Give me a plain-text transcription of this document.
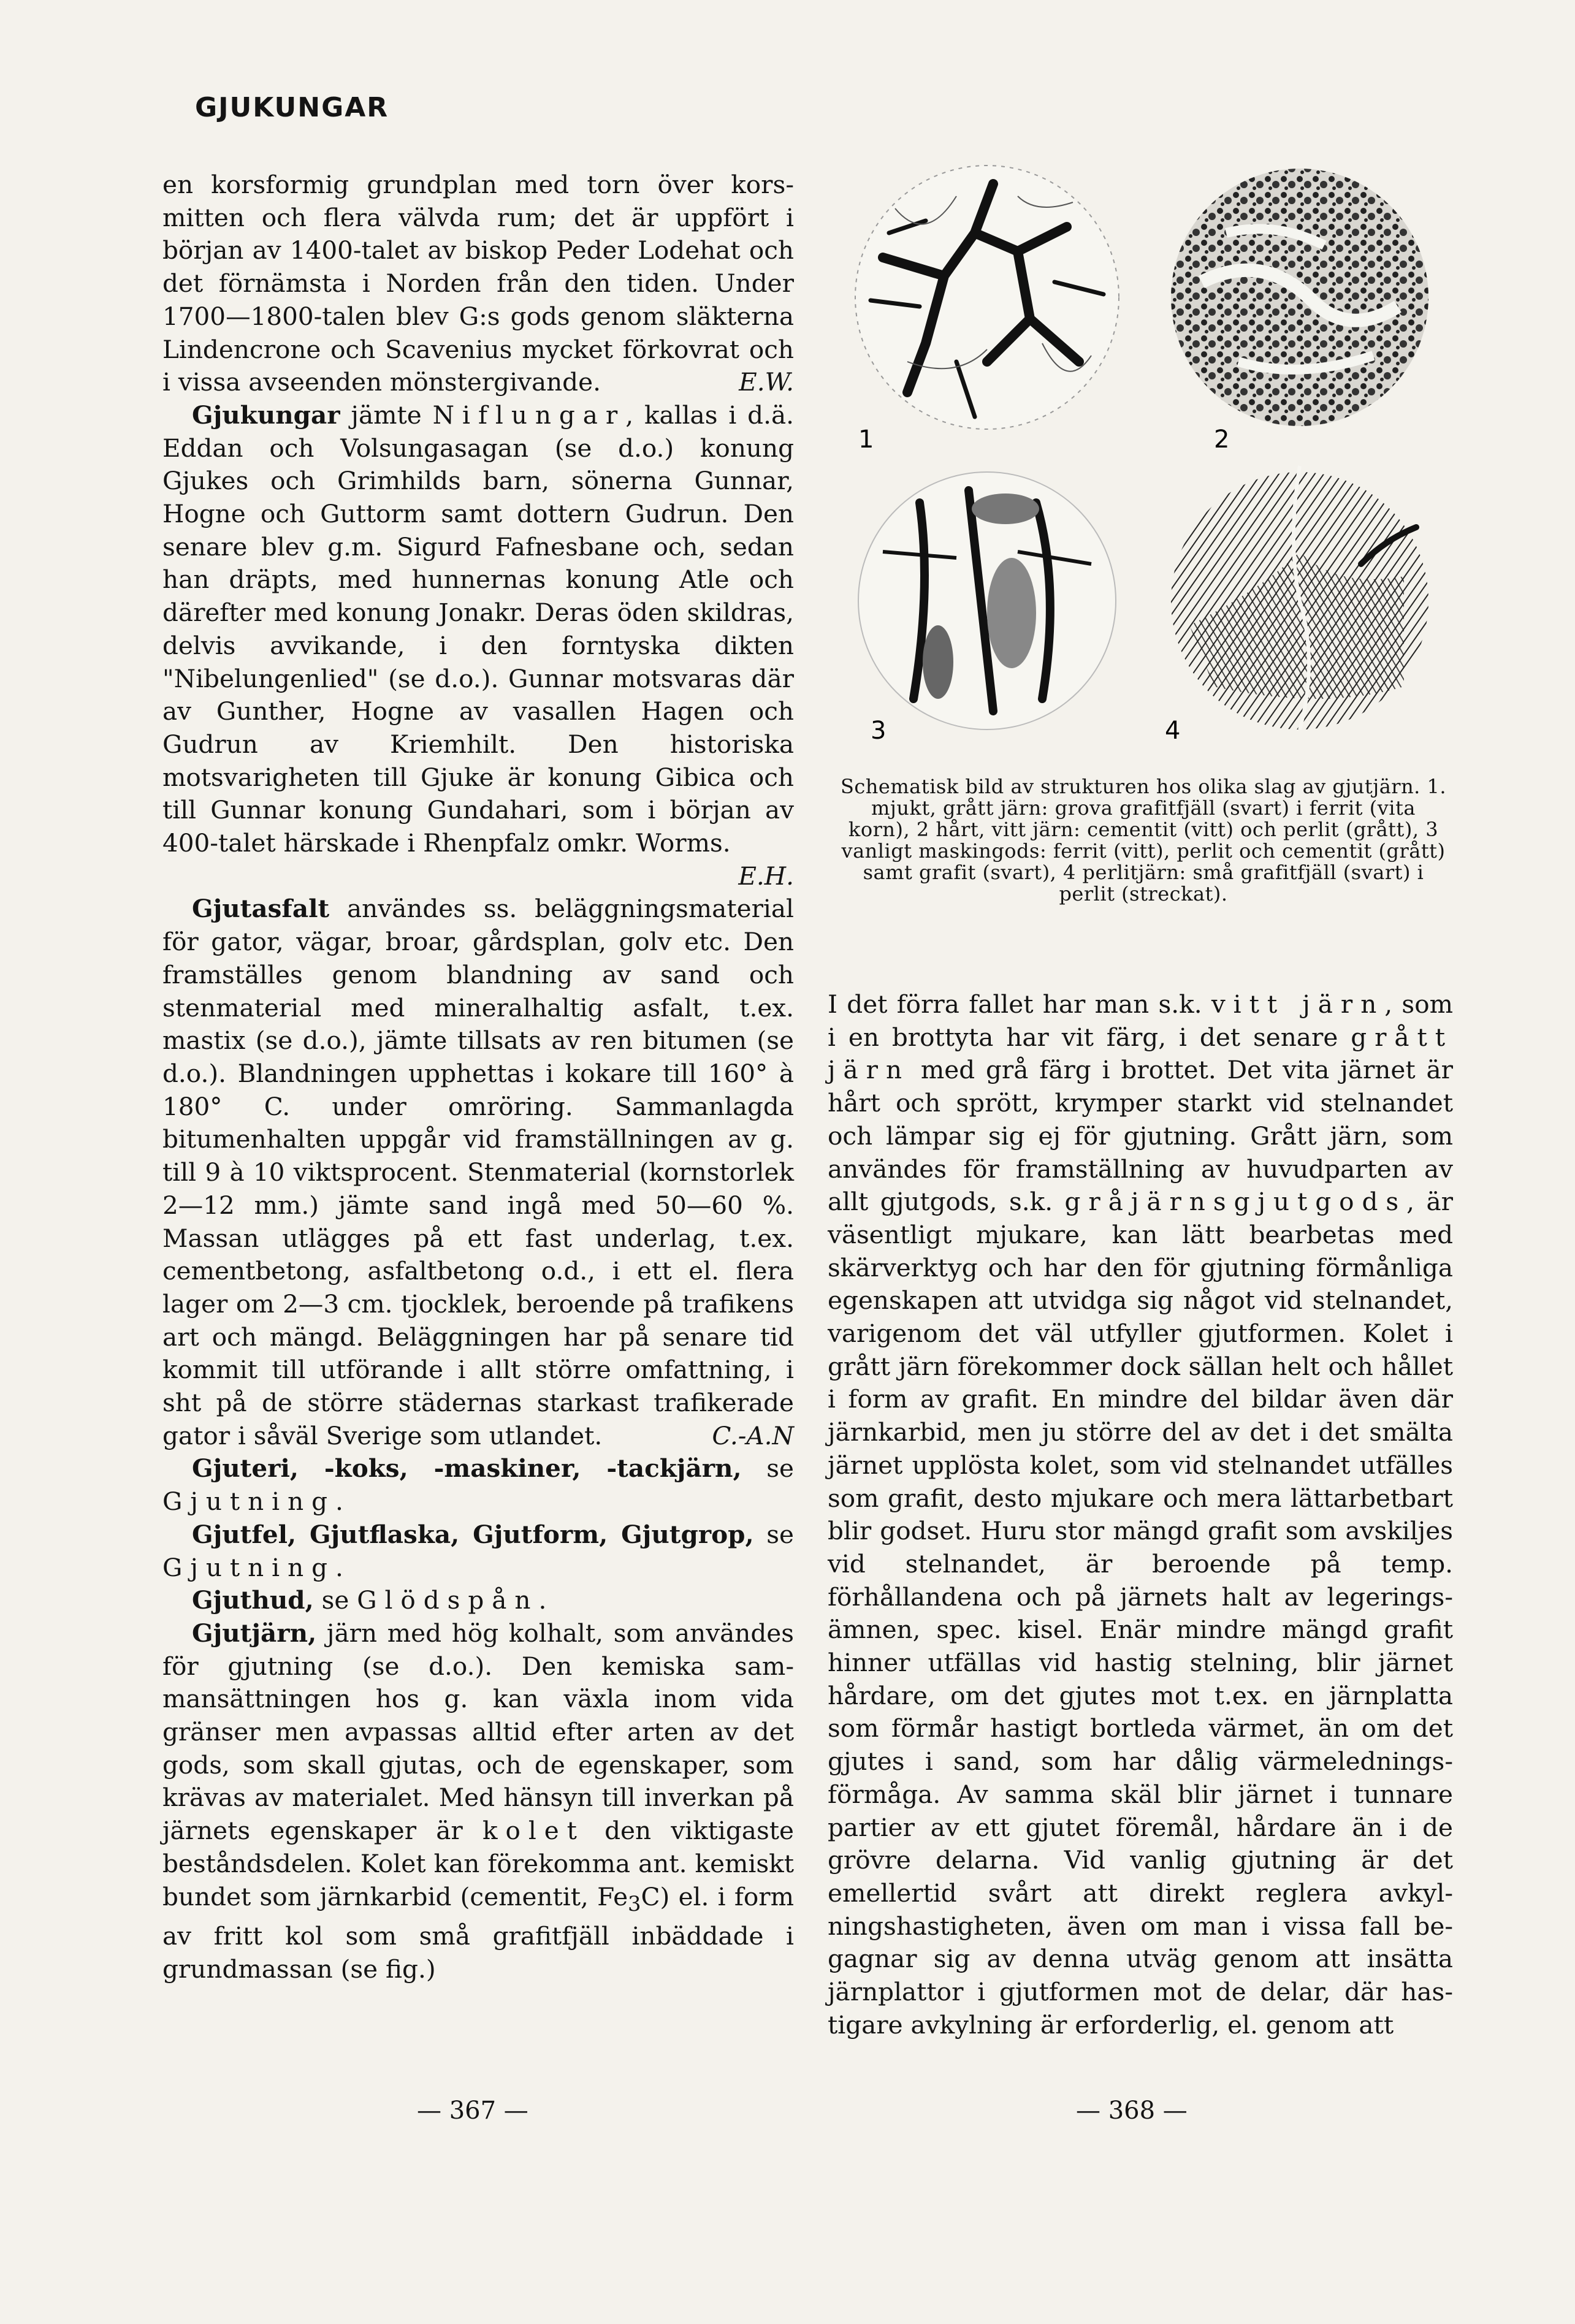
GJUKUNGAR
en korsformig grundplan med torn över korsmitten och flera välvda rum; det är uppfört i början av 1400-talet av biskop Peder Lodehat och det förnämsta i Norden från den tiden. Under 1700—1800-talen blev G:s gods genom släkterna Lindencrone och Scavenius mycket förkovrat och i vissa avseenden mönstergivande.	E.W.
Gjukungar jämte Niflungar, kallas i d.ä. Eddan och Volsungasagan (se d.o.) konung Gjukes och Grimhilds barn, sönerna Gunnar, Hogne och Guttorm samt dottern Gudrun. Den senare blev g.m. Sigurd Fafnesbane och, sedan han dräpts, med hunnernas konung Atle och därefter med konung Jonakr. Deras öden skildras, delvis avvikande, i den forntyska dikten "Nibelungenlied" (se d.o.). Gunnar motsvaras där av Gunther, Hogne av vasallen Hagen och Gudrun av Kriemhilt. Den historiska motsvarigheten till Gjuke är konung Gibica och till Gunnar konung Gundahari, som i början av 400-talet härskade i Rhenpfalz omkr. Worms.
E.H.
Gjutasfalt användes ss. beläggningsmaterial för gator, vägar, broar, gårdsplan, golv etc. Den framställes genom blandning av sand och stenmaterial med mineralhaltig asfalt, t.ex. mastix (se d.o.), jämte tillsats av ren bitumen (se d.o.). Blandningen upphettas i kokare till 160° à 180° C. under omröring. Sammanlagda bitumenhalten uppgår vid framställningen av g. till 9 à 10 viktsprocent. Stenmaterial (kornstorlek 2—12 mm.) jämte sand ingå med 50—60 %. Massan utlägges på ett fast underlag, t.ex. cementbetong, asfaltbetong o.d., i ett el. flera lager om 2—3 cm. tjocklek, beroende på trafikens art och mängd. Beläggningen har på senare tid kommit till utförande i allt större omfattning, i sht på de större städernas starkast trafikerade gator i såväl Sverige som utlandet.	C.-A.N
Gjuteri, -koks, -maskiner, -tackjärn, se Gjutning.
Gjutfel, Gjutflaska, Gjutform, Gjutgrop, se Gjutning.
Gjuthud, se Glödspån.
Gjutjärn, järn med hög kolhalt, som användes för gjutning (se d.o.). Den kemiska sammansättningen hos g. kan växla inom vida gränser men avpassas alltid efter arten av det gods, som skall gjutas, och de egenskaper, som krävas av materialet. Med hänsyn till inverkan på järnets egenskaper är kolet den viktigaste beståndsdelen. Kolet kan förekomma ant. kemiskt bundet som järnkarbid (cementit, $Fe_3C$) el. i form av fritt kol som små grafitfjäll inbäddade i grundmassan (se fig.)
1	2
3	4
Schematisk bild av strukturen hos olika slag av gjutjärn. 1. mjukt, grått järn: grova grafitfjäll (svart) i ferrit (vita korn), 2 hårt, vitt järn: cementit (vitt) och perlit (grått), 3 vanligt maskingods: ferrit (vitt), perlit och cementit (grått) samt grafit (svart), 4 perlitjärn: små grafitfjäll (svart) i perlit (streckat).

I det förra fallet har man s.k. vitt järn, som i en brottyta har vit färg, i det senare grått järn med grå färg i brottet. Det vita järnet är hårt och sprött, krymper starkt vid stelnandet och lämpar sig ej för gjutning. Grått järn, som användes för framställning av huvudparten av allt gjutgods, s.k. gråjärnsgjutgods, är väsentligt mjukare, kan lätt bearbetas med skärverktyg och har den för gjutning förmånliga egenskapen att utvidga sig något vid stelnandet, varigenom det väl utfyller gjutformen. Kolet i grått järn förekommer dock sällan helt och hållet i form av grafit. En mindre del bildar även där järnkarbid, men ju större del av det i det smälta järnet upplösta kolet, som vid stelnandet utfälles som grafit, desto mjukare och mera lättarbetbart blir godset. Huru stor mängd grafit som avskiljes vid stelnandet, är beroende på temp. förhållandena och på järnets halt av legeringsämnen, spec. kisel. Enär mindre mängd grafit hinner utfällas vid hastig stelning, blir järnet hårdare, om det gjutes mot t.ex. en järnplatta som förmår hastigt bortleda värmet, än om det gjutes i sand, som har dålig värmeledningsförmåga. Av samma skäl blir järnet i tunnare partier av ett gjutet föremål, hårdare än i de grövre delarna. Vid vanlig gjutning är det emellertid svårt att direkt reglera avkylningshastigheten, även om man i vissa fall begagnar sig av denna utväg genom att insätta järnplattor i gjutformen mot de delar, där hastigare avkylning är erforderlig, el. genom att

— 367 —	— 368 —
